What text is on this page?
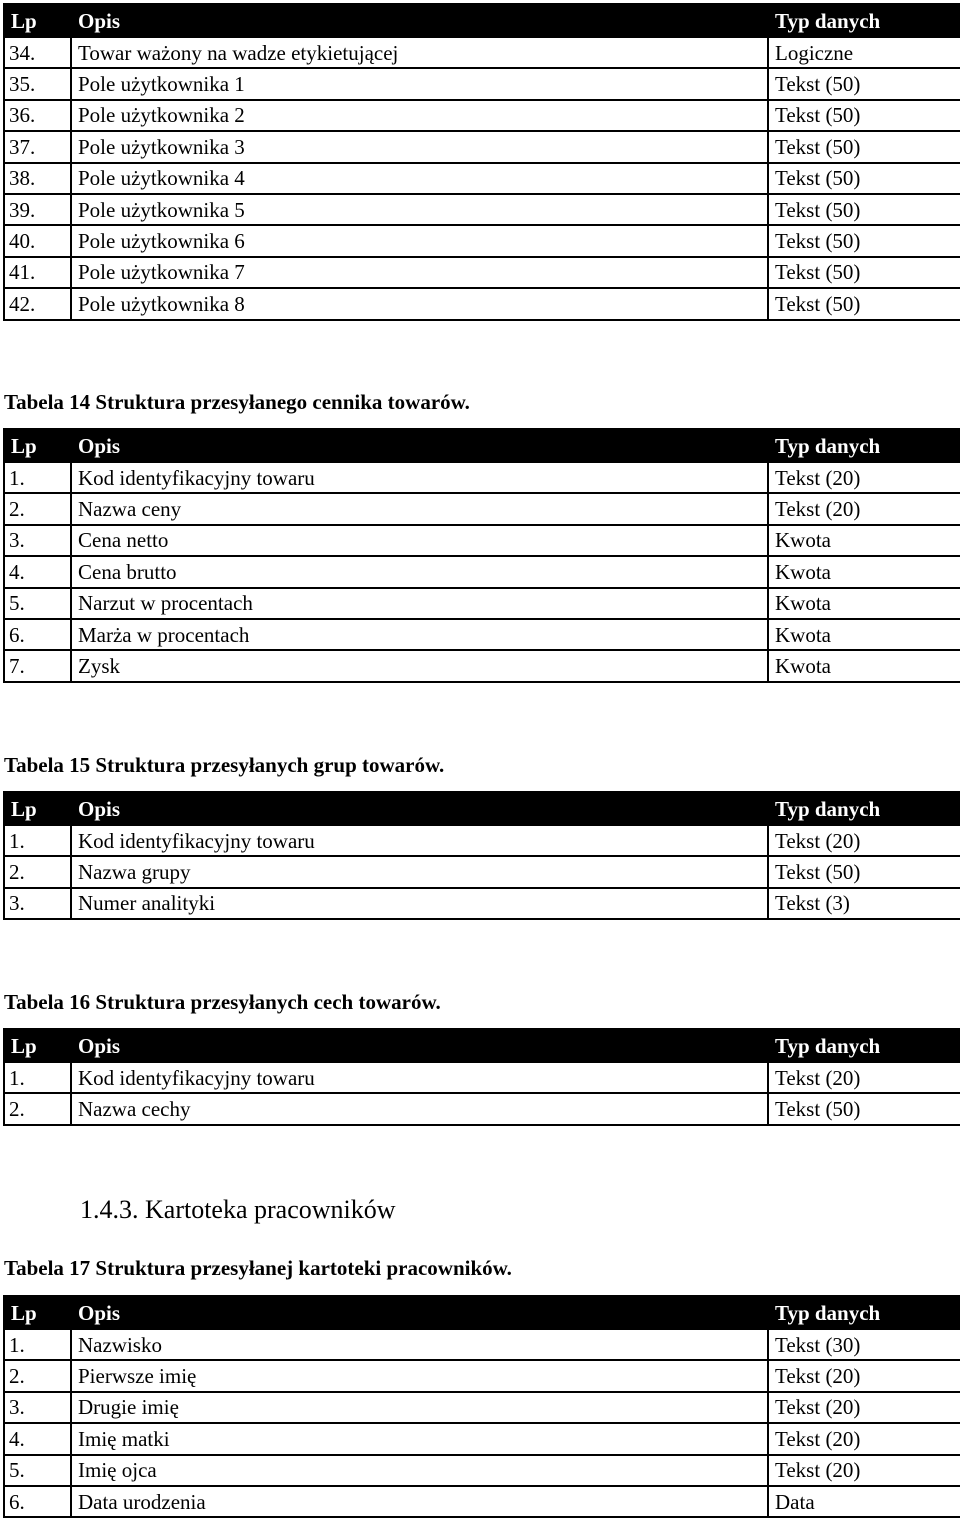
Lp	Opis	Typ danych
34.	Towar ważony na wadze etykietującej	Logiczne
35.	Pole użytkownika 1	Tekst (50)
36.	Pole użytkownika 2	Tekst (50)
37.	Pole użytkownika 3	Tekst (50)
38.	Pole użytkownika 4	Tekst (50)
39.	Pole użytkownika 5	Tekst (50)
40.	Pole użytkownika 6	Tekst (50)
41.	Pole użytkownika 7	Tekst (50)
42.	Pole użytkownika 8	Tekst (50)
Tabela 14 Struktura przesyłanego cennika towarów.
Lp	Opis	Typ danych
1.	Kod identyfikacyjny towaru	Tekst (20)
2.	Nazwa ceny	Tekst (20)
3.	Cena netto	Kwota
4.	Cena brutto	Kwota
5.	Narzut w procentach	Kwota
6.	Marża w procentach	Kwota
7.	Zysk	Kwota
Tabela 15 Struktura przesyłanych grup towarów.
Lp	Opis	Typ danych
1.	Kod identyfikacyjny towaru	Tekst (20)
2.	Nazwa grupy	Tekst (50)
3.	Numer analityki	Tekst (3)
Tabela 16 Struktura przesyłanych cech towarów.
Lp	Opis	Typ danych
1.	Kod identyfikacyjny towaru	Tekst (20)
2.	Nazwa cechy	Tekst (50)
1.4.3. Kartoteka pracowników
Tabela 17 Struktura przesyłanej kartoteki pracowników.
Lp	Opis	Typ danych
1.	Nazwisko	Tekst (30)
2.	Pierwsze imię	Tekst (20)
3.	Drugie imię	Tekst (20)
4.	Imię matki	Tekst (20)
5.	Imię ojca	Tekst (20)
6.	Data urodzenia	Data
